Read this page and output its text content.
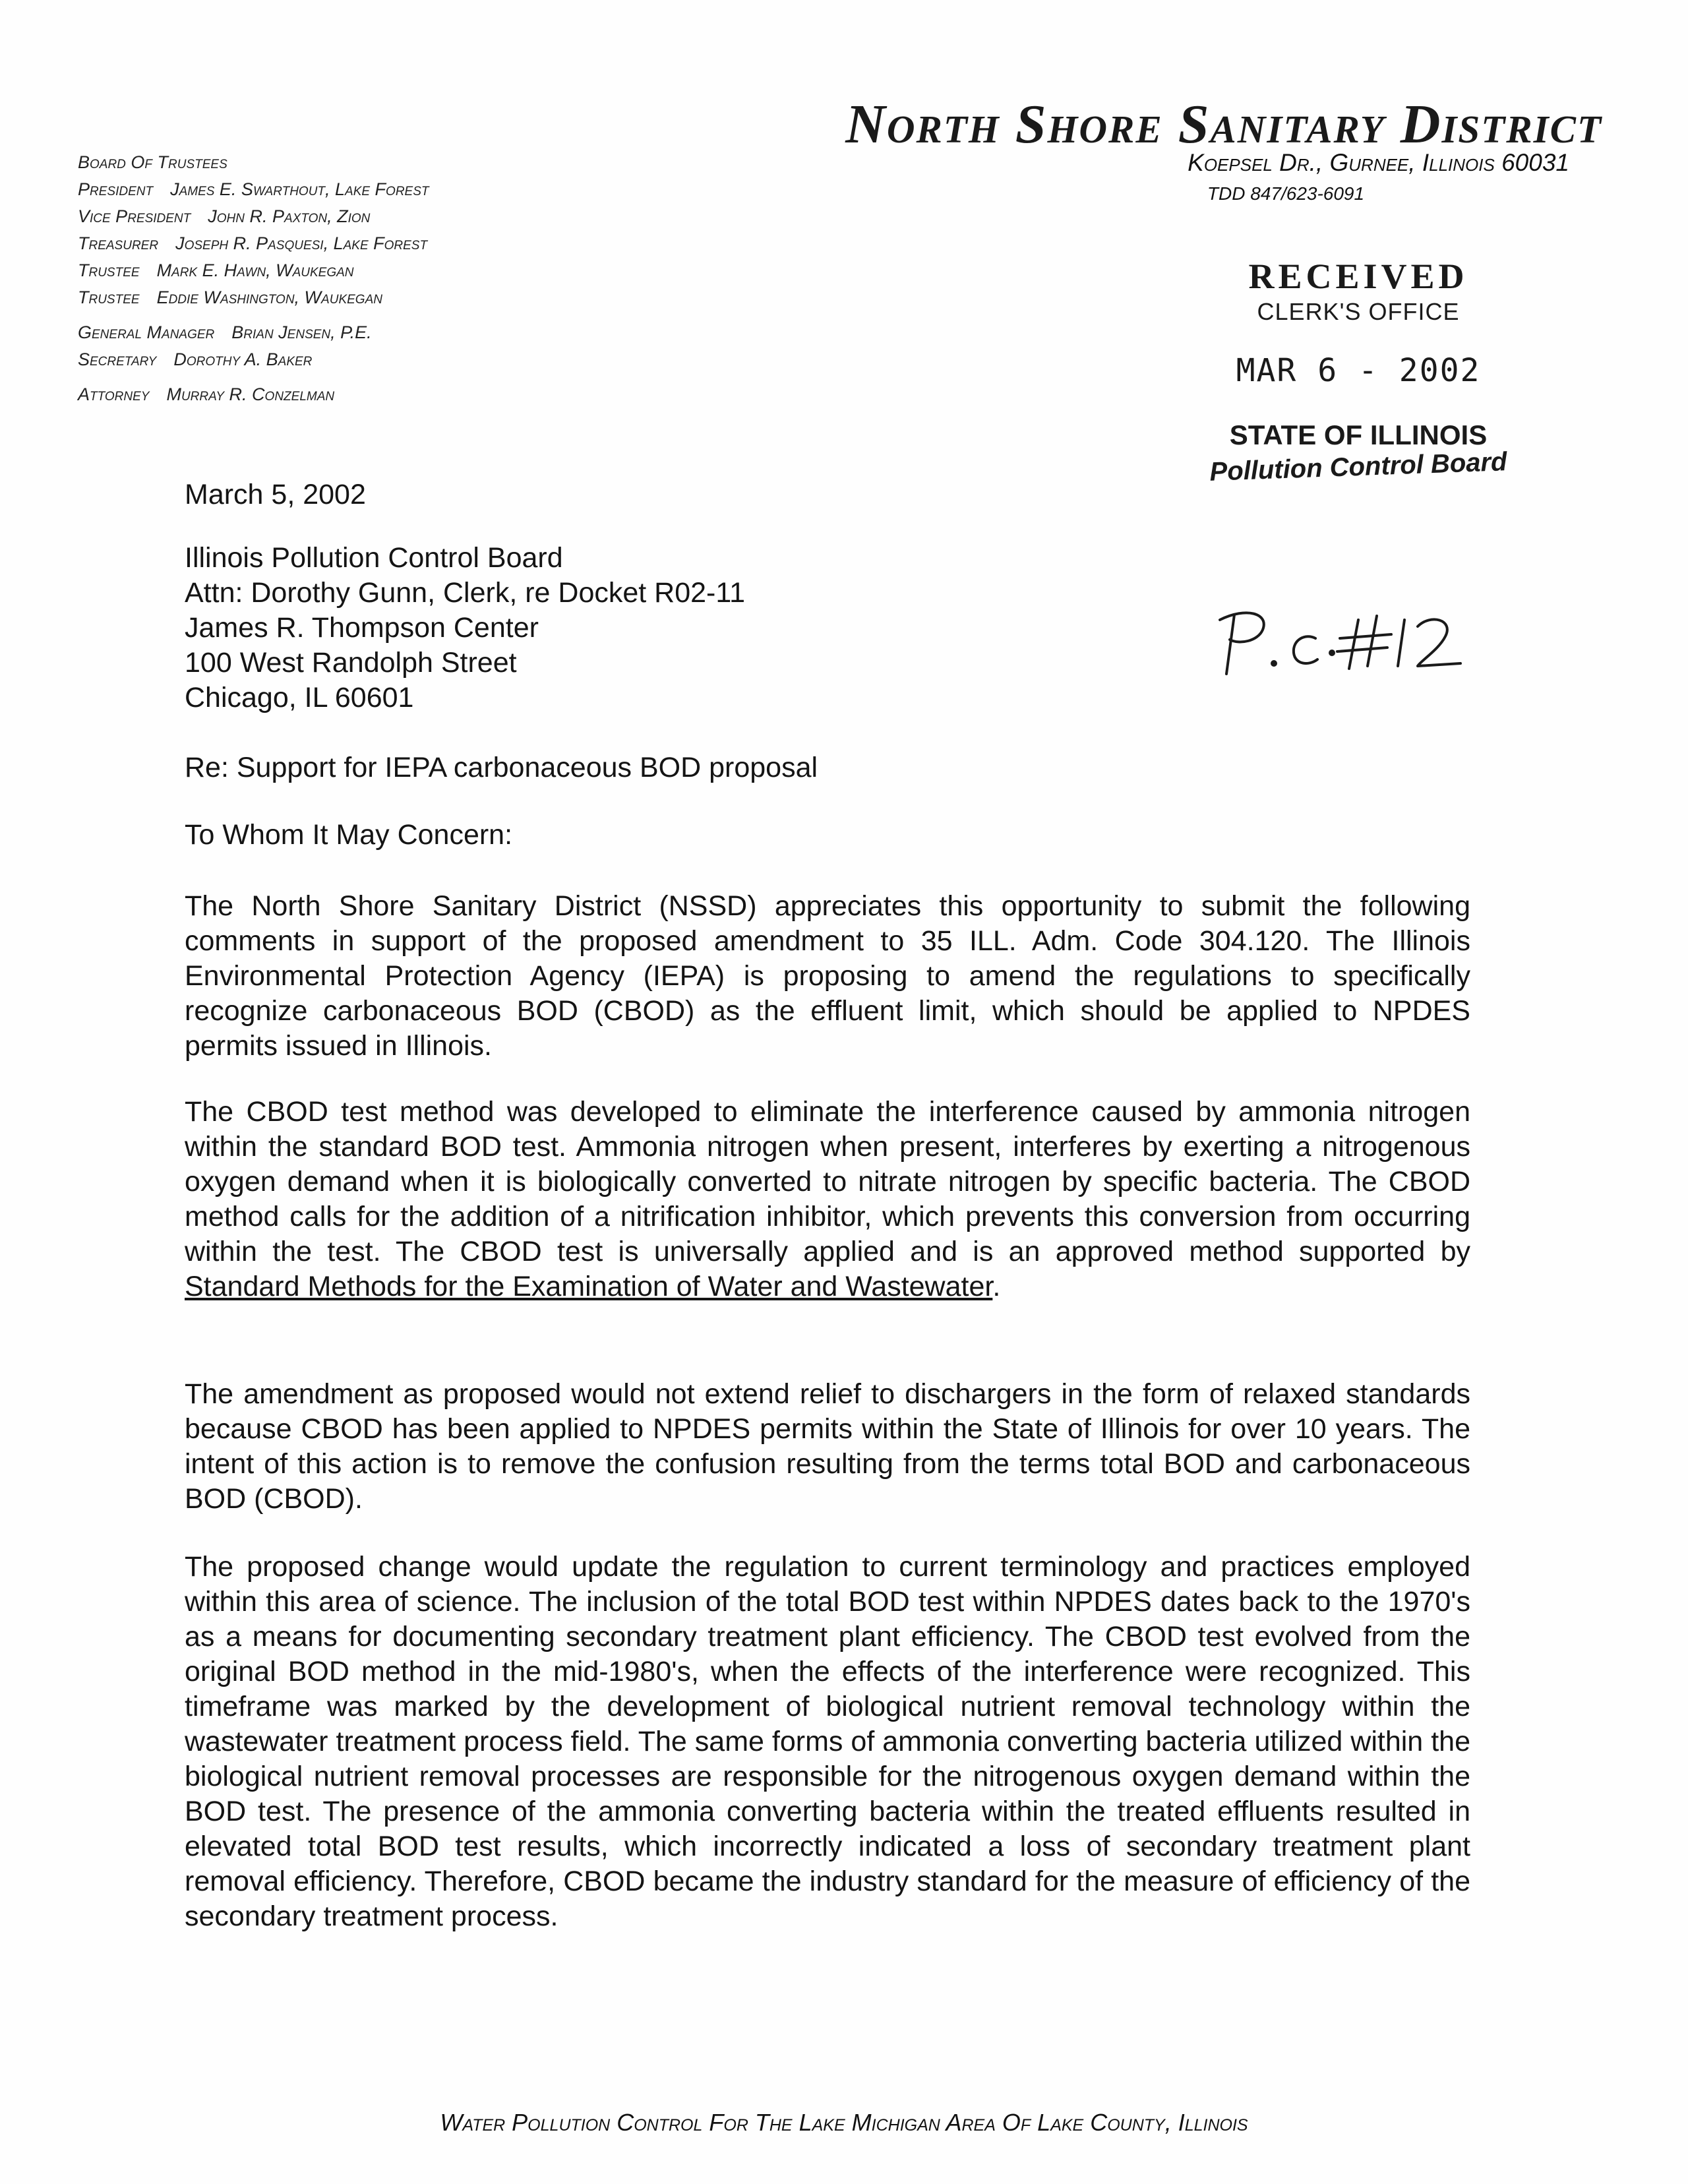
North Shore Sanitary District
Koepsel Dr., Gurnee, Illinois 60031
TDD 847/623-6091
Board Of Trustees
President James E. Swarthout, Lake Forest
Vice President John R. Paxton, Zion
Treasurer Joseph R. Pasquesi, Lake Forest
Trustee Mark E. Hawn, Waukegan
Trustee Eddie Washington, Waukegan
General Manager Brian Jensen, P.E.
Secretary Dorothy A. Baker
Attorney Murray R. Conzelman
RECEIVED
CLERK'S OFFICE
MAR 6 - 2002
STATE OF ILLINOIS
Pollution Control Board
March 5, 2002
Illinois Pollution Control Board
Attn: Dorothy Gunn, Clerk, re Docket R02-11
James R. Thompson Center
100 West Randolph Street
Chicago, IL 60601
Re: Support for IEPA carbonaceous BOD proposal
To Whom It May Concern:
The North Shore Sanitary District (NSSD) appreciates this opportunity to submit the following comments in support of the proposed amendment to 35 ILL. Adm. Code 304.120. The Illinois Environmental Protection Agency (IEPA) is proposing to amend the regulations to specifically recognize carbonaceous BOD (CBOD) as the effluent limit, which should be applied to NPDES permits issued in Illinois.
The CBOD test method was developed to eliminate the interference caused by ammonia nitrogen within the standard BOD test. Ammonia nitrogen when present, interferes by exerting a nitrogenous oxygen demand when it is biologically converted to nitrate nitrogen by specific bacteria. The CBOD method calls for the addition of a nitrification inhibitor, which prevents this conversion from occurring within the test. The CBOD test is universally applied and is an approved method supported by Standard Methods for the Examination of Water and Wastewater.
The amendment as proposed would not extend relief to dischargers in the form of relaxed standards because CBOD has been applied to NPDES permits within the State of Illinois for over 10 years. The intent of this action is to remove the confusion resulting from the terms total BOD and carbonaceous BOD (CBOD).
The proposed change would update the regulation to current terminology and practices employed within this area of science. The inclusion of the total BOD test within NPDES dates back to the 1970's as a means for documenting secondary treatment plant efficiency. The CBOD test evolved from the original BOD method in the mid-1980's, when the effects of the interference were recognized. This timeframe was marked by the development of biological nutrient removal technology within the wastewater treatment process field. The same forms of ammonia converting bacteria utilized within the biological nutrient removal processes are responsible for the nitrogenous oxygen demand within the BOD test. The presence of the ammonia converting bacteria within the treated effluents resulted in elevated total BOD test results, which incorrectly indicated a loss of secondary treatment plant removal efficiency. Therefore, CBOD became the industry standard for the measure of efficiency of the secondary treatment process.
Water Pollution Control For The Lake Michigan Area Of Lake County, Illinois
